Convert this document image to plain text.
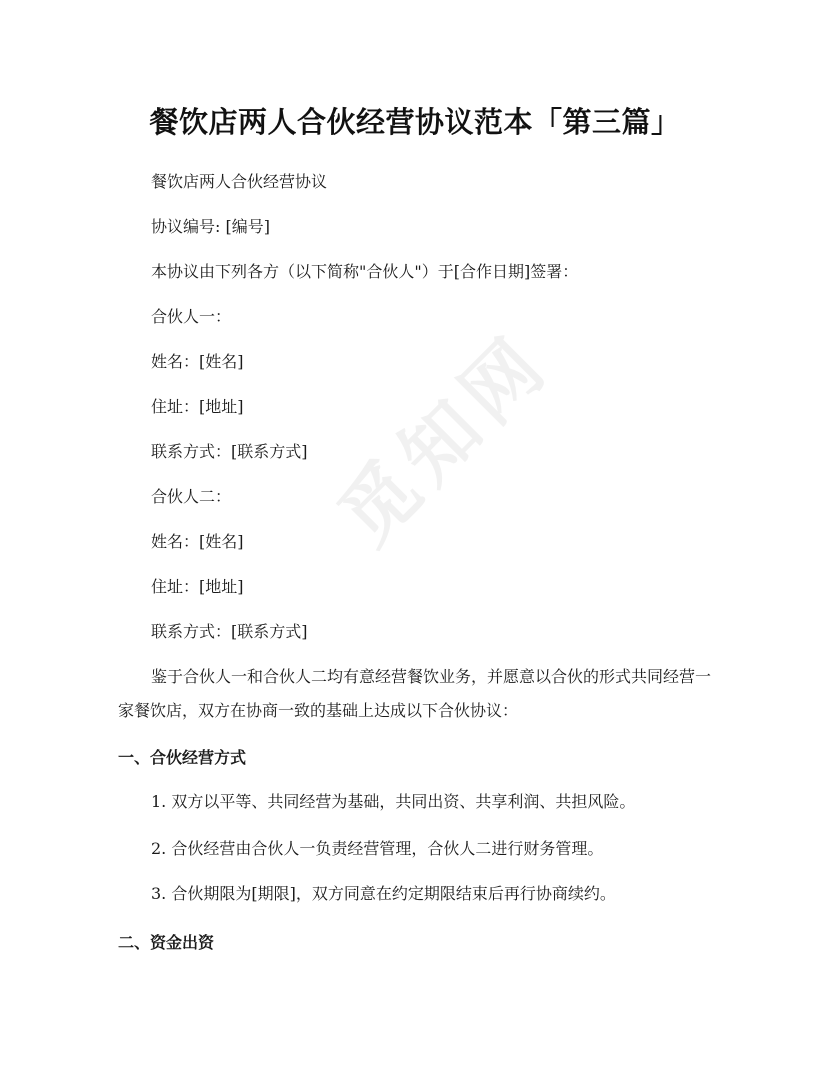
觅知网
餐饮店两人合伙经营协议范本「第三篇」
餐饮店两人合伙经营协议
协议编号: [编号]
本协议由下列各方（以下简称"合伙人"）于[合作日期]签署：
合伙人一：
姓名：[姓名]
住址：[地址]
联系方式：[联系方式]
合伙人二：
姓名：[姓名]
住址：[地址]
联系方式：[联系方式]
鉴于合伙人一和合伙人二均有意经营餐饮业务，并愿意以合伙的形式共同经营一家餐饮店，双方在协商一致的基础上达成以下合伙协议：
一、合伙经营方式
1. 双方以平等、共同经营为基础，共同出资、共享利润、共担风险。
2. 合伙经营由合伙人一负责经营管理，合伙人二进行财务管理。
3. 合伙期限为[期限]，双方同意在约定期限结束后再行协商续约。
二、资金出资
